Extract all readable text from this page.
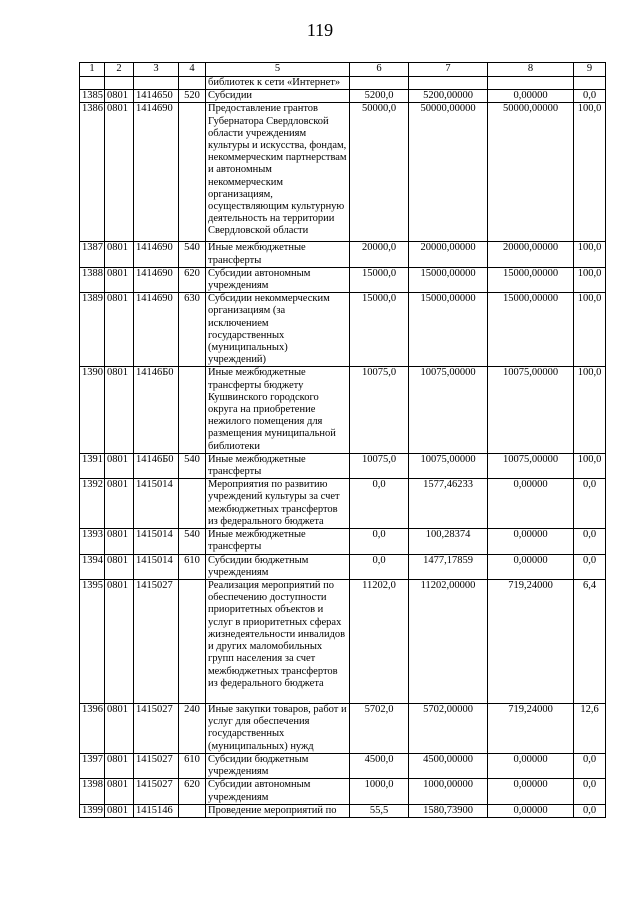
119
1	2	3	4	5	6	7	8	9
				библиотек к сети «Интернет»				
1385	0801	1414650	520	Субсидии	5200,0	5200,00000	0,00000	0,0
1386	0801	1414690		Предоставление грантов Губернатора Свердловской области учреждениям культуры и искусства, фондам, некоммерческим партнерствам и автономным некоммерческим организациям, осуществляющим культурную деятельность на территории Свердловской области	50000,0	50000,00000	50000,00000	100,0
1387	0801	1414690	540	Иные межбюджетные трансферты	20000,0	20000,00000	20000,00000	100,0
1388	0801	1414690	620	Субсидии автономным учреждениям	15000,0	15000,00000	15000,00000	100,0
1389	0801	1414690	630	Субсидии некоммерческим организациям (за исключением государственных (муниципальных) учреждений)	15000,0	15000,00000	15000,00000	100,0
1390	0801	14146Б0		Иные межбюджетные трансферты бюджету Кушвинского городского округа на приобретение нежилого помещения для размещения муниципальной библиотеки	10075,0	10075,00000	10075,00000	100,0
1391	0801	14146Б0	540	Иные межбюджетные трансферты	10075,0	10075,00000	10075,00000	100,0
1392	0801	1415014		Мероприятия по развитию учреждений культуры за счет межбюджетных трансфертов из федерального бюджета	0,0	1577,46233	0,00000	0,0
1393	0801	1415014	540	Иные межбюджетные трансферты	0,0	100,28374	0,00000	0,0
1394	0801	1415014	610	Субсидии бюджетным учреждениям	0,0	1477,17859	0,00000	0,0
1395	0801	1415027		Реализация мероприятий по обеспечению доступности приоритетных объектов и услуг в приоритетных сферах жизнедеятельности инвалидов и других маломобильных групп населения за счет межбюджетных трансфертов из федерального бюджета	11202,0	11202,00000	719,24000	6,4
1396	0801	1415027	240	Иные закупки товаров, работ и услуг для обеспечения государственных (муниципальных) нужд	5702,0	5702,00000	719,24000	12,6
1397	0801	1415027	610	Субсидии бюджетным учреждениям	4500,0	4500,00000	0,00000	0,0
1398	0801	1415027	620	Субсидии автономным учреждениям	1000,0	1000,00000	0,00000	0,0
1399	0801	1415146		Проведение мероприятий по	55,5	1580,73900	0,00000	0,0
